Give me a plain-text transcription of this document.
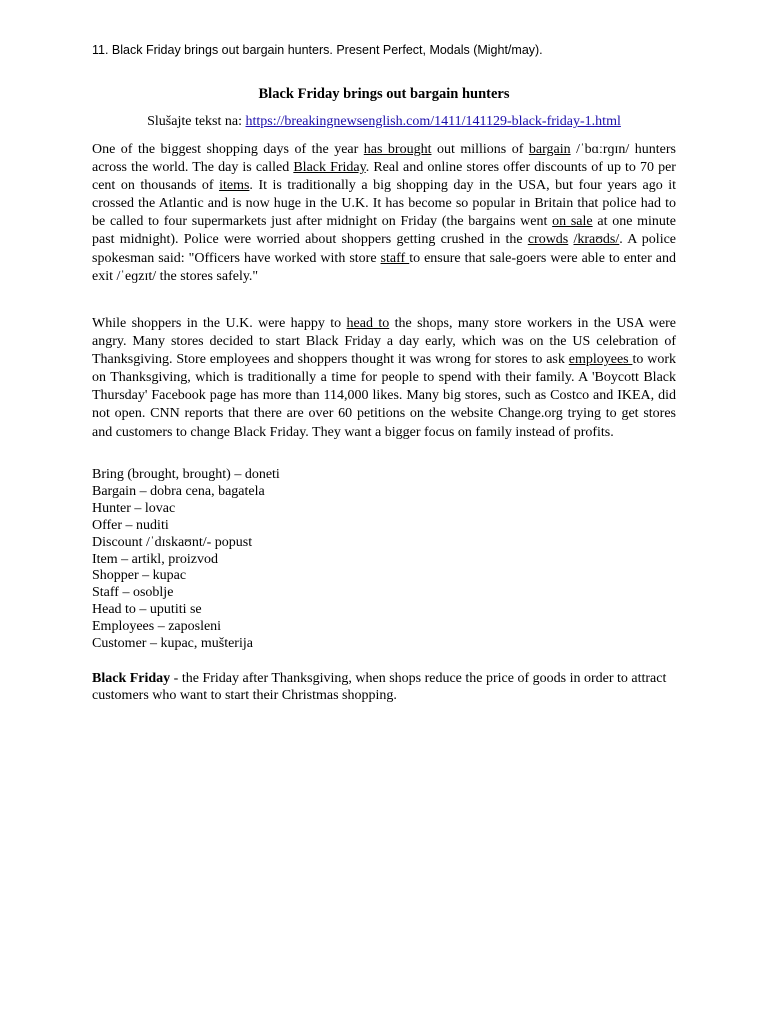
11. Black Friday brings out bargain hunters. Present Perfect, Modals (Might/may).
Black Friday brings out bargain hunters
Slušajte tekst na: https://breakingnewsenglish.com/1411/141129-black-friday-1.html

One of the biggest shopping days of the year has brought out millions of bargain /ˈbɑːrɡɪn/ hunters across the world. The day is called Black Friday. Real and online stores offer discounts of up to 70 per cent on thousands of items. It is traditionally a big shopping day in the USA, but four years ago it crossed the Atlantic and is now huge in the U.K. It has become so popular in Britain that police had to be called to four supermarkets just after midnight on Friday (the bargains went on sale at one minute past midnight). Police were worried about shoppers getting crushed in the crowds /kraʊds/. A police spokesman said: "Officers have worked with store staff to ensure that sale-goers were able to enter and exit /ˈeɡzɪt/ the stores safely."

While shoppers in the U.K. were happy to head to the shops, many store workers in the USA were angry. Many stores decided to start Black Friday a day early, which was on the US celebration of Thanksgiving. Store employees and shoppers thought it was wrong for stores to ask employees to work on Thanksgiving, which is traditionally a time for people to spend with their family. A 'Boycott Black Thursday' Facebook page has more than 114,000 likes. Many big stores, such as Costco and IKEA, did not open. CNN reports that there are over 60 petitions on the website Change.org trying to get stores and customers to change Black Friday. They want a bigger focus on family instead of profits.

Bring (brought, brought) – doneti
Bargain – dobra cena, bagatela
Hunter – lovac
Offer – nuditi
Discount /ˈdɪskaʊnt/- popust
Item – artikl, proizvod
Shopper – kupac
Staff – osoblje
Head to – uputiti se
Employees – zaposleni
Customer – kupac, mušterija

Black Friday - the Friday after Thanksgiving, when shops reduce the price of goods in order to attract customers who want to start their Christmas shopping.
